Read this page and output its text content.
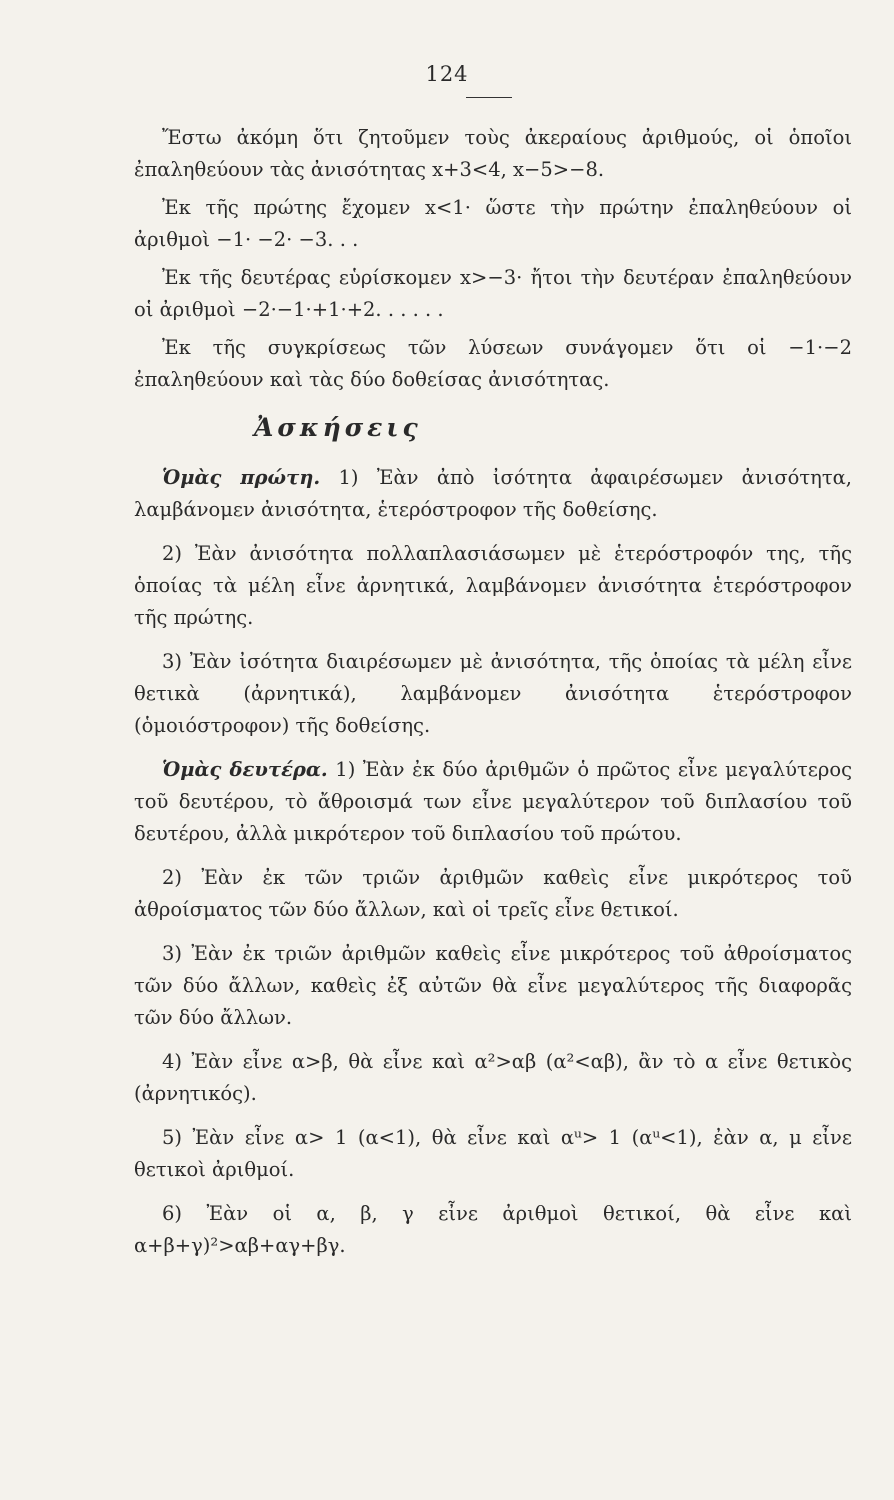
124

Ἔστω ἀκόμη ὅτι ζητοῦμεν τοὺς ἀκεραίους ἀριθμούς, οἱ ὁποῖοι ἐπαληθεύουν τὰς ἀνισότητας x+3<4, x−5>−8.

Ἐκ τῆς πρώτης ἔχομεν x<1· ὥστε τὴν πρώτην ἐπαληθεύουν οἱ ἀριθμοὶ −1· −2· −3. . .

Ἐκ τῆς δευτέρας εὑρίσκομεν x>−3· ἤτοι τὴν δευτέραν ἐπαληθεύουν οἱ ἀριθμοὶ −2·−1·+1·+2. . . . . .

Ἐκ τῆς συγκρίσεως τῶν λύσεων συνάγομεν ὅτι οἱ −1·−2 ἐπαληθεύουν καὶ τὰς δύο δοθείσας ἀνισότητας.

Ἀσκήσεις

Ὁμὰς πρώτη. 1) Ἐὰν ἀπὸ ἰσότητα ἀφαιρέσωμεν ἀνισότητα, λαμβάνομεν ἀνισότητα, ἑτερόστροφον τῆς δοθείσης.

2) Ἐὰν ἀνισότητα πολλαπλασιάσωμεν μὲ ἑτερόστροφόν της, τῆς ὁποίας τὰ μέλη εἶνε ἀρνητικά, λαμβάνομεν ἀνισότητα ἑτερόστροφον τῆς πρώτης.

3) Ἐὰν ἰσότητα διαιρέσωμεν μὲ ἀνισότητα, τῆς ὁποίας τὰ μέλη εἶνε θετικὰ (ἀρνητικά), λαμβάνομεν ἀνισότητα ἑτερόστροφον (ὁμοιόστροφον) τῆς δοθείσης.

Ὁμὰς δευτέρα. 1) Ἐὰν ἐκ δύο ἀριθμῶν ὁ πρῶτος εἶνε μεγαλύτερος τοῦ δευτέρου, τὸ ἄθροισμά των εἶνε μεγαλύτερον τοῦ διπλασίου τοῦ δευτέρου, ἀλλὰ μικρότερον τοῦ διπλασίου τοῦ πρώτου.

2) Ἐὰν ἐκ τῶν τριῶν ἀριθμῶν καθεὶς εἶνε μικρότερος τοῦ ἀθροίσματος τῶν δύο ἄλλων, καὶ οἱ τρεῖς εἶνε θετικοί.

3) Ἐὰν ἐκ τριῶν ἀριθμῶν καθεὶς εἶνε μικρότερος τοῦ ἀθροίσματος τῶν δύο ἄλλων, καθεὶς ἐξ αὐτῶν θὰ εἶνε μεγαλύτερος τῆς διαφορᾶς τῶν δύο ἄλλων.

4) Ἐὰν εἶνε α>β, θὰ εἶνε καὶ α²>αβ (α²<αβ), ἂν τὸ α εἶνε θετικὸς (ἀρνητικός).

5) Ἐὰν εἶνε α> 1 (α<1), θὰ εἶνε καὶ αᵘ> 1 (αᵘ<1), ἐὰν α, μ εἶνε θετικοὶ ἀριθμοί.

6) Ἐὰν οἱ α, β, γ εἶνε ἀριθμοὶ θετικοί, θὰ εἶνε καὶ α+β+γ)²>αβ+αγ+βγ.
